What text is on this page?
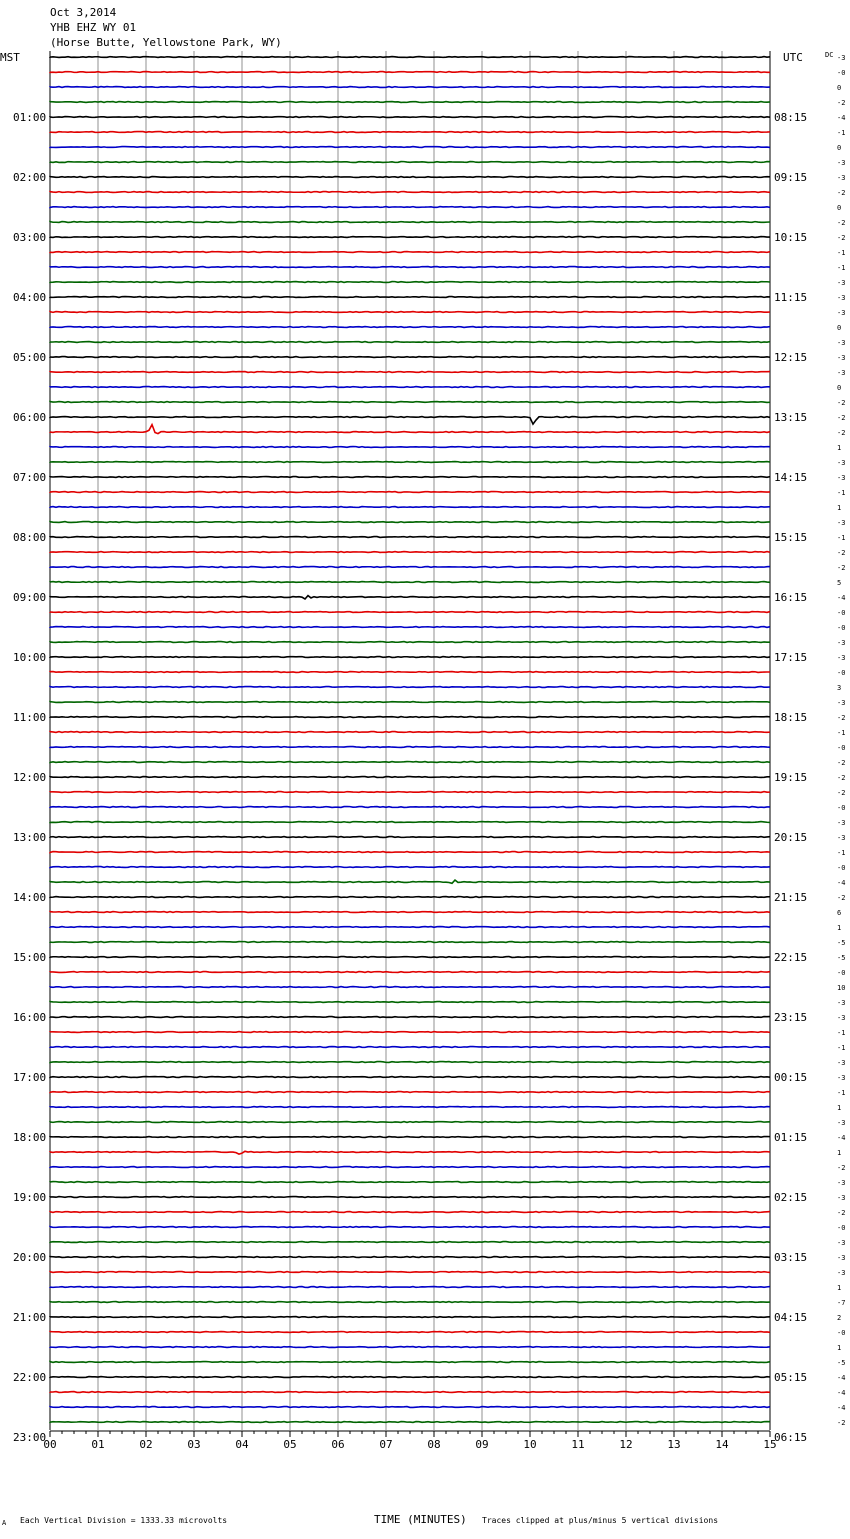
Oct 3,2014
YHB EHZ WY 01
(Horse Butte, Yellowstone Park, WY)
MST	UTC	DC
01:00
02:00
03:00
04:00
05:00
06:00
07:00
08:00
09:00
10:00
11:00
12:00
13:00
14:00
15:00
16:00
17:00
18:00
19:00
20:00
21:00
22:00
23:00
08:15
09:15
10:15
11:15
12:15
13:15
14:15
15:15
16:15
17:15
18:15
19:15
20:15
21:15
22:15
23:15
00:15
01:15
02:15
03:15
04:15
05:15
06:15
-3
-0
0
-2
-4
-1
0
-3
-3
-2
0
-2
-2
-1
-1
-3
-3
-3
0
-3
-3
-3
0
-2
-2
-2
1
-3
-3
-1
1
-3
-1
-2
-2
5
-4
-0
-0
-3
-3
-0
3
-3
-2
-1
-0
-2
-2
-2
-0
-3
-3
-1
-0
-4
-2
6
1
-5
-5
-0
10
-3
-3
-1
-1
-3
-3
-1
1
-3
-4
1
-2
-3
-3
-2
-0
-3
-3
-3
1
-7
2
-0
1
-5
-4
-4
-4
-2
00	01	02	03	04	05	06	07	08	09	10	11	12	13	14	15
A Each Vertical Division = 1333.33 microvolts	TIME (MINUTES) Traces clipped at plus/minus 5 vertical divisions
